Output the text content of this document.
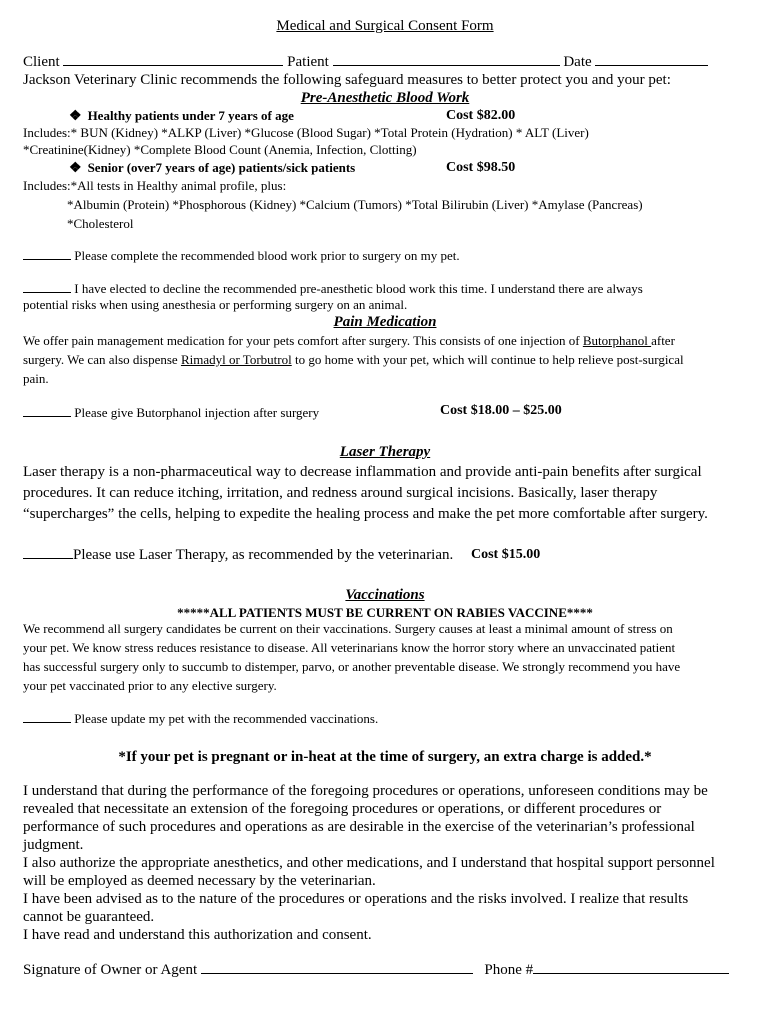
Medical and Surgical Consent Form
Client	Patient	Date
Jackson Veterinary Clinic recommends the following safeguard measures to better protect you and your pet:
Pre-Anesthetic Blood Work
❖ Healthy patients under 7 years of age	Cost $82.00
Includes:* BUN (Kidney) *ALKP (Liver) *Glucose (Blood Sugar) *Total Protein (Hydration) * ALT (Liver)
*Creatinine(Kidney) *Complete Blood Count (Anemia, Infection, Clotting)
❖ Senior (over7 years of age) patients/sick patients	Cost $98.50
Includes:*All tests in Healthy animal profile, plus:
*Albumin (Protein) *Phosphorous (Kidney) *Calcium (Tumors) *Total Bilirubin (Liver) *Amylase (Pancreas)
*Cholesterol
Please complete the recommended blood work prior to surgery on my pet.
I have elected to decline the recommended pre-anesthetic blood work this time. I understand there are always
potential risks when using anesthesia or performing surgery on an animal.
Pain Medication
We offer pain management medication for your pets comfort after surgery. This consists of one injection of Butorphanol after
surgery. We can also dispense Rimadyl or Torbutrol to go home with your pet, which will continue to help relieve post-surgical
pain.
Please give Butorphanol injection after surgery	Cost $18.00 – $25.00
Laser Therapy
Laser therapy is a non-pharmaceutical way to decrease inflammation and provide anti-pain benefits after surgical
procedures. It can reduce itching, irritation, and redness around surgical incisions. Basically, laser therapy
“supercharges” the cells, helping to expedite the healing process and make the pet more comfortable after surgery.
Please use Laser Therapy, as recommended by the veterinarian. Cost $15.00
Vaccinations
*****ALL PATIENTS MUST BE CURRENT ON RABIES VACCINE****
We recommend all surgery candidates be current on their vaccinations. Surgery causes at least a minimal amount of stress on
your pet. We know stress reduces resistance to disease. All veterinarians know the horror story where an unvaccinated patient
has successful surgery only to succumb to distemper, parvo, or another preventable disease. We strongly recommend you have
your pet vaccinated prior to any elective surgery.
Please update my pet with the recommended vaccinations.
*If your pet is pregnant or in-heat at the time of surgery, an extra charge is added.*
I understand that during the performance of the foregoing procedures or operations, unforeseen conditions may be
revealed that necessitate an extension of the foregoing procedures or operations, or different procedures or
performance of such procedures and operations as are desirable in the exercise of the veterinarian’s professional
judgment.
I also authorize the appropriate anesthetics, and other medications, and I understand that hospital support personnel
will be employed as deemed necessary by the veterinarian.
I have been advised as to the nature of the procedures or operations and the risks involved. I realize that results
cannot be guaranteed.
I have read and understand this authorization and consent.
Signature of Owner or Agent	Phone #
